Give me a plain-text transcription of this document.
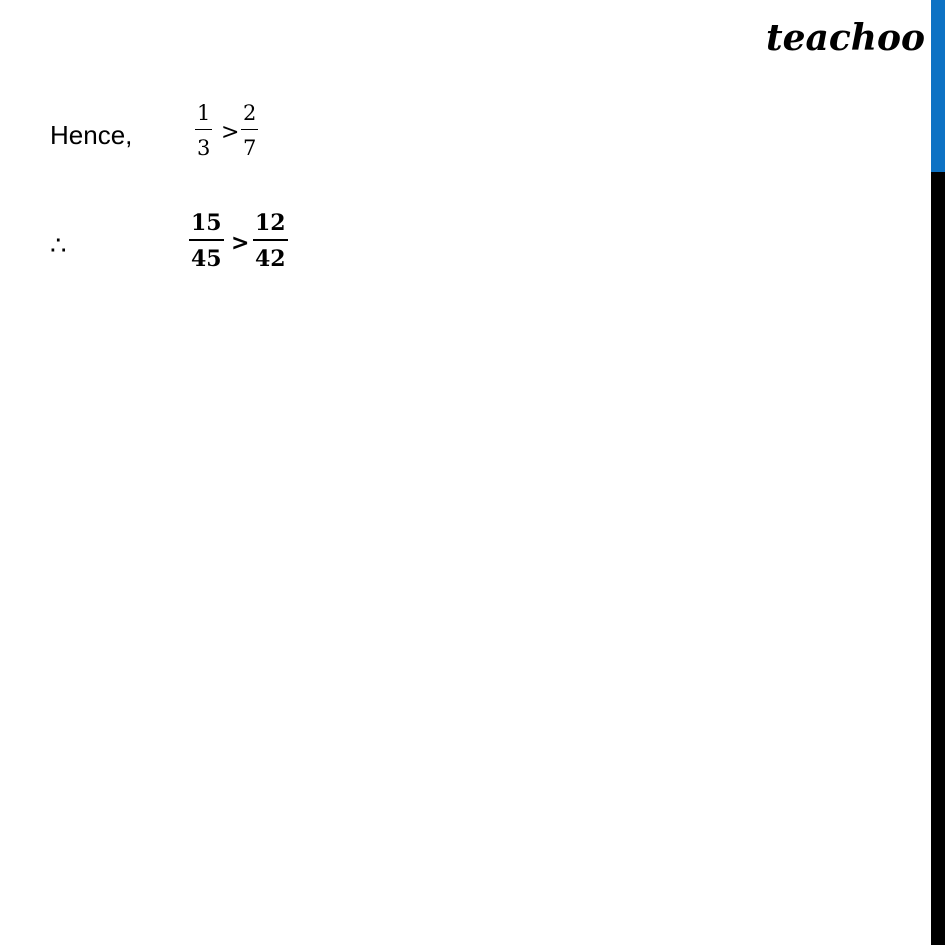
teachoo
Hence,
1
3
>
2
7
∴
15
45
>
12
42
